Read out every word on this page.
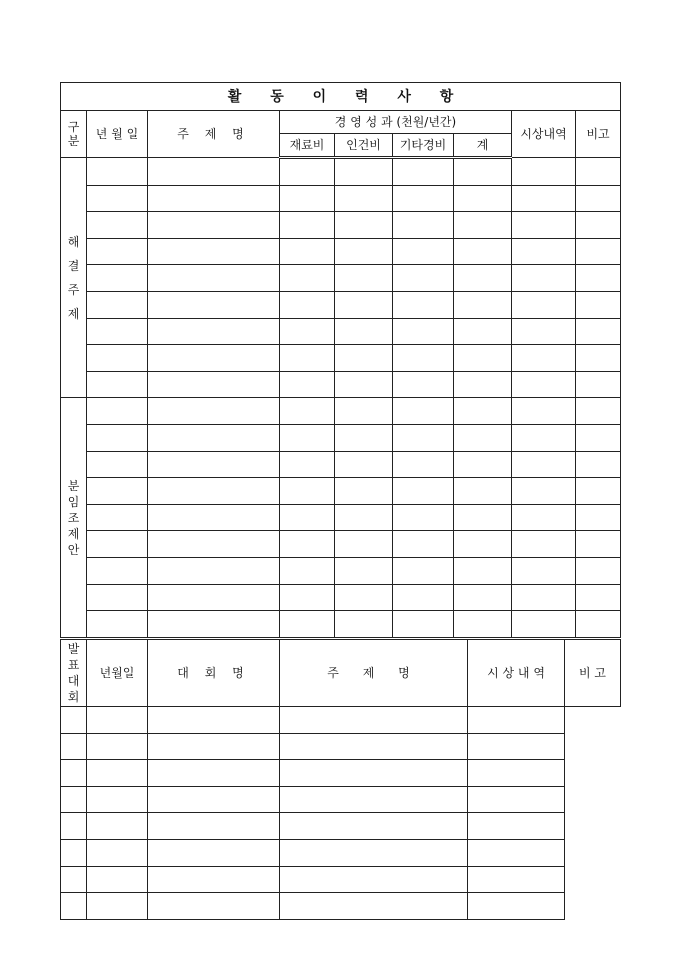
활 동 이 력 사 항								

구
분	년 월 일	주 제 명	경 영 성 과 (천원/년간)				시상내역	비고
			재료비	인건비	기타경비	계		

해
결
주
제								

분
임
조
제
안								

발
표
대
회	년월일	대 회 명	주 제 명	시 상 내 역	비 고
